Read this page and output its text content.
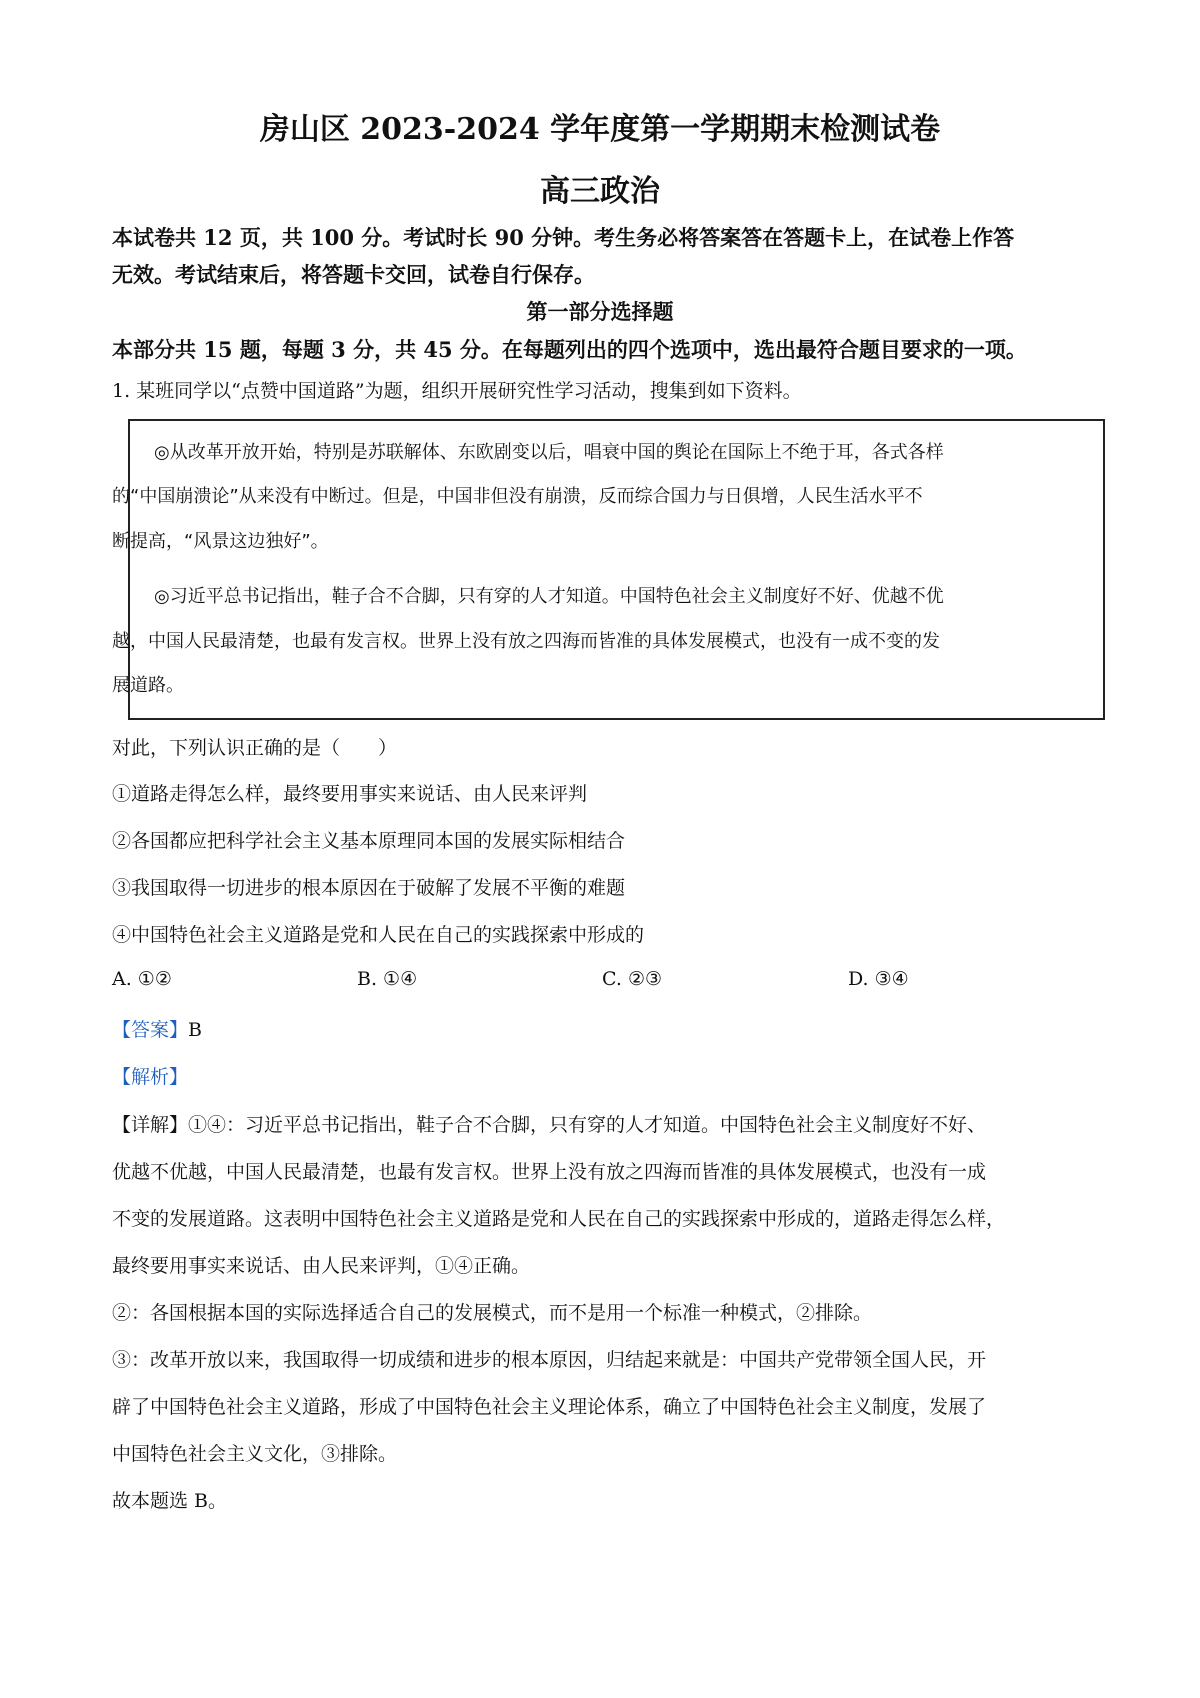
房山区 2023-2024 学年度第一学期期末检测试卷
高三政治
本试卷共 12 页，共 100 分。考试时长 90 分钟。考生务必将答案答在答题卡上，在试卷上作答
无效。考试结束后，将答题卡交回，试卷自行保存。
第一部分选择题
本部分共 15 题，每题 3 分，共 45 分。在每题列出的四个选项中，选出最符合题目要求的一项。
1. 某班同学以“点赞中国道路”为题，组织开展研究性学习活动，搜集到如下资料。
◎从改革开放开始，特别是苏联解体、东欧剧变以后，唱衰中国的舆论在国际上不绝于耳，各式各样
的“中国崩溃论”从来没有中断过。但是，中国非但没有崩溃，反而综合国力与日俱增，人民生活水平不
断提高，“风景这边独好”。
◎习近平总书记指出，鞋子合不合脚，只有穿的人才知道。中国特色社会主义制度好不好、优越不优
越，中国人民最清楚，也最有发言权。世界上没有放之四海而皆准的具体发展模式，也没有一成不变的发
展道路。
对此，下列认识正确的是（　　）
①道路走得怎么样，最终要用事实来说话、由人民来评判
②各国都应把科学社会主义基本原理同本国的发展实际相结合
③我国取得一切进步的根本原因在于破解了发展不平衡的难题
④中国特色社会主义道路是党和人民在自己的实践探索中形成的
A. ①②	B. ①④	C. ②③	D. ③④
【答案】B
【解析】
【详解】①④：习近平总书记指出，鞋子合不合脚，只有穿的人才知道。中国特色社会主义制度好不好、
优越不优越，中国人民最清楚，也最有发言权。世界上没有放之四海而皆准的具体发展模式，也没有一成
不变的发展道路。这表明中国特色社会主义道路是党和人民在自己的实践探索中形成的，道路走得怎么样，
最终要用事实来说话、由人民来评判，①④正确。
②：各国根据本国的实际选择适合自己的发展模式，而不是用一个标准一种模式，②排除。
③：改革开放以来，我国取得一切成绩和进步的根本原因，归结起来就是：中国共产党带领全国人民，开
辟了中国特色社会主义道路，形成了中国特色社会主义理论体系，确立了中国特色社会主义制度，发展了
中国特色社会主义文化，③排除。
故本题选 B。
